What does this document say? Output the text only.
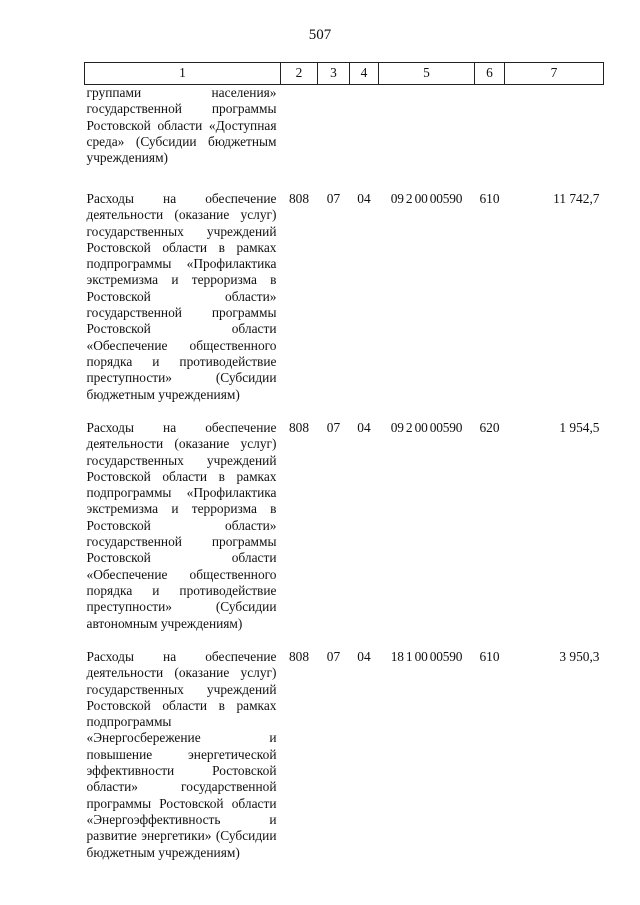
507
1	2	3	4	5	6	7
группами населения» государственной программы Ростовской области «Доступная среда» (Субсидии бюджетным учреждениям)						
Расходы на обеспечение деятельности (оказание услуг) государственных учреждений Ростовской области в рамках подпрограммы «Профилактика экстремизма и терроризма в Ростовской области» государственной программы Ростовской области «Обеспечение общественного порядка и противодействие преступности» (Субсидии бюджетным учреждениям)	808	07	04	09 2 00 00590	610	11 742,7
Расходы на обеспечение деятельности (оказание услуг) государственных учреждений Ростовской области в рамках подпрограммы «Профилактика экстремизма и терроризма в Ростовской области» государственной программы Ростовской области «Обеспечение общественного порядка и противодействие преступности» (Субсидии автономным учреждениям)	808	07	04	09 2 00 00590	620	1 954,5
Расходы на обеспечение деятельности (оказание услуг) государственных учреждений Ростовской области в рамках подпрограммы «Энергосбережение и повышение энергетической эффективности Ростовской области» государственной программы Ростовской области «Энергоэффективность и развитие энергетики» (Субсидии бюджетным учреждениям)	808	07	04	18 1 00 00590	610	3 950,3
